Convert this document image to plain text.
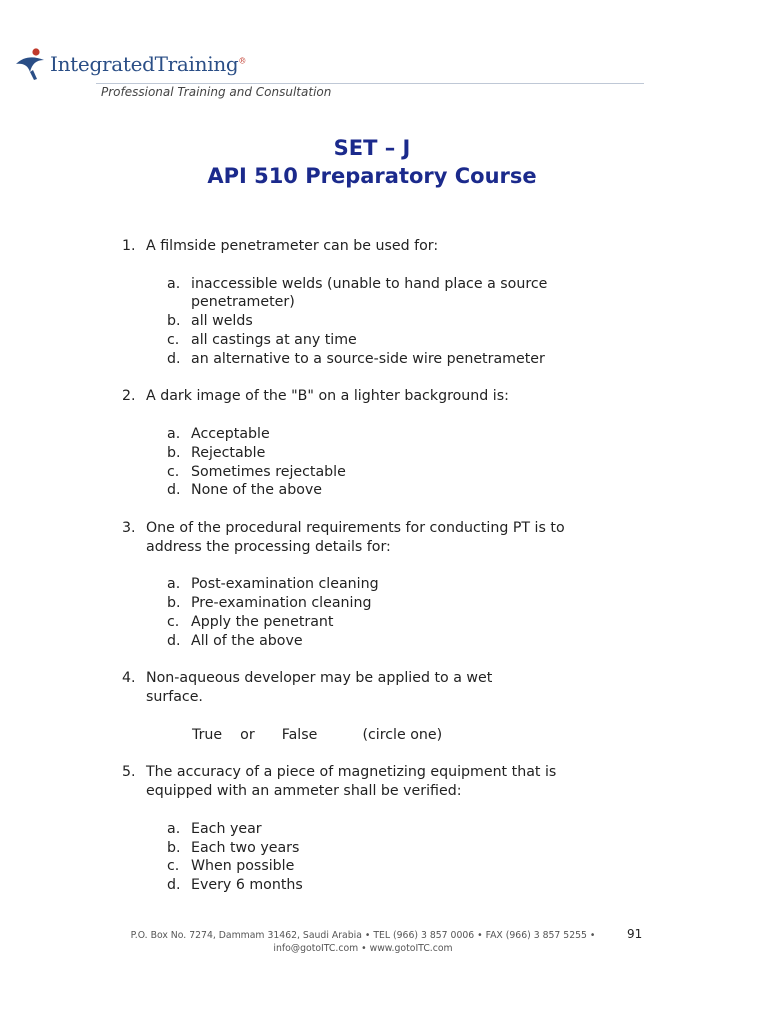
IntegratedTraining®
Professional Training and Consultation
SET – J
API 510 Preparatory Course
1. A filmside penetrameter can be used for:
a. inaccessible welds (unable to hand place a source penetrameter)
b. all welds
c. all castings at any time
d. an alternative to a source-side wire penetrameter
2. A dark image of the "B" on a lighter background is:
a. Acceptable
b. Rejectable
c. Sometimes rejectable
d. None of the above
3. One of the procedural requirements for conducting PT is to address the processing details for:
a. Post-examination cleaning
b. Pre-examination cleaning
c. Apply the penetrant
d. All of the above
4. Non-aqueous developer may be applied to a wet surface.
True    or      False          (circle one)
5. The accuracy of a piece of magnetizing equipment that is equipped with an ammeter shall be verified:
a. Each year
b. Each two years
c. When possible
d. Every 6 months
P.O. Box No. 7274, Dammam 31462, Saudi Arabia • TEL (966) 3 857 0006 • FAX (966) 3 857 5255 •
info@gotoITC.com • www.gotoITC.com
91
